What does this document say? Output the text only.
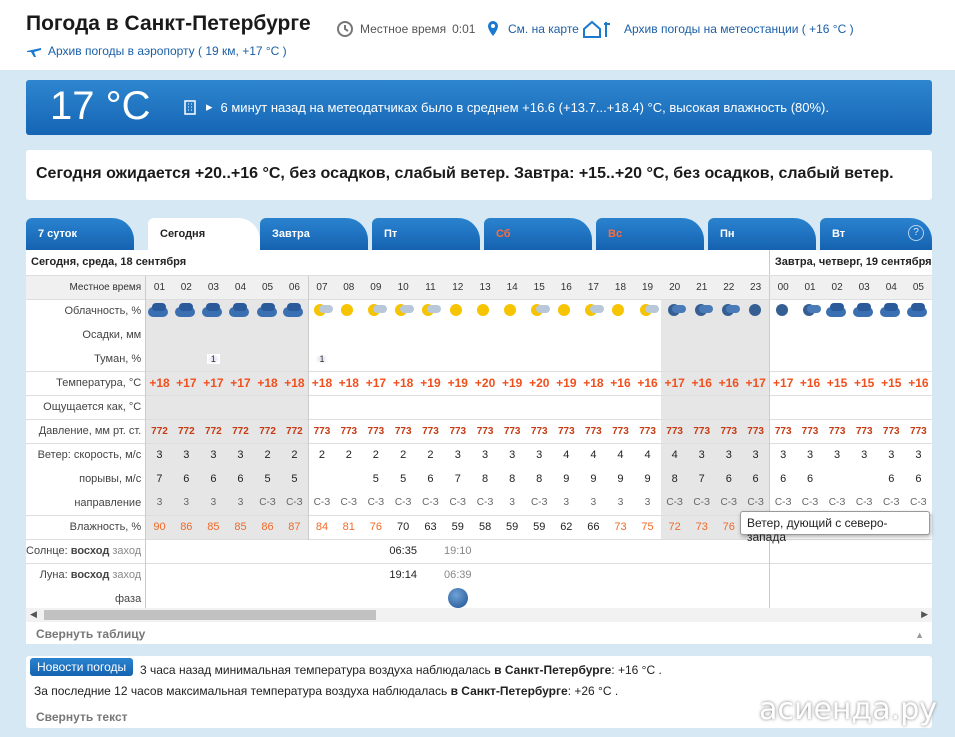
Погода в Санкт-Петербурге	Местное время 0:01	См. на карте	Архив погоды на метеостанции ( +16 °C )
Архив погоды в аэропорту ( 19 км, +17 °C )
17 °C	▸ 6 минут назад на метеодатчиках было в среднем +16.6 (+13.7...+18.4) °C, высокая влажность (80%).
Сегодня ожидается +20..+16 °C, без осадков, слабый ветер. Завтра: +15..+20 °C, без осадков, слабый ветер.
7 суток	Сегодня	Завтра	Пт	Сб	Вс	Пн	Вт	?
Сегодня, среда, 18 сентября																								Завтра, четверг, 19 сентября					
Местное время	01	02	03	04	05	06	07	08	09	10	11	12	13	14	15	16	17	18	19	20	21	22	23	00	01	02	03	04	05
Облачность, %	

Осадки, мм																													
Туман, %			1				1																						
Температура, °C	+18	+17	+17	+17	+18	+18	+18	+18	+17	+18	+19	+19	+20	+19	+20	+19	+18	+16	+16	+17	+16	+16	+17	+17	+16	+15	+15	+15	+16
Ощущается как, °C																													
Давление, мм рт. ст.	772	772	772	772	772	772	773	773	773	773	773	773	773	773	773	773	773	773	773	773	773	773	773	773	773	773	773	773	773
Ветер: скорость, м/с	3	3	3	3	2	2	2	2	2	2	2	3	3	3	3	4	4	4	4	4	3	3	3	3	3	3	3	3	3
порывы, м/с	7	6	6	6	5	5			5	5	6	7	8	8	8	9	9	9	9	8	7	6	6	6	6			6	6
направление	3	3	3	3	С-З	С-З	С-З	С-З	С-З	С-З	С-З	С-З	С-З	3	С-З	3	3	3	3	С-З	С-З	С-З	С-З	С-З	С-З	С-З	С-З	С-З	С-З
Влажность, %	90	86	85	85	86	87	84	81	76	70	63	59	58	59	59	62	66	73	75	72	73	76							
Солнце: восход заход										06:35		19:10																	
Луна: восход заход										19:14		06:39																	
фаза																													
◀	▶
Свернуть таблицу	▲
Ветер, дующий с северо-запада
Новости погоды	3 часа назад минимальная температура воздуха наблюдалась в Санкт-Петербурге: +16 °C .
За последние 12 часов максимальная температура воздуха наблюдалась в Санкт-Петербурге: +26 °C .
Свернуть текст	асиенда.ру
